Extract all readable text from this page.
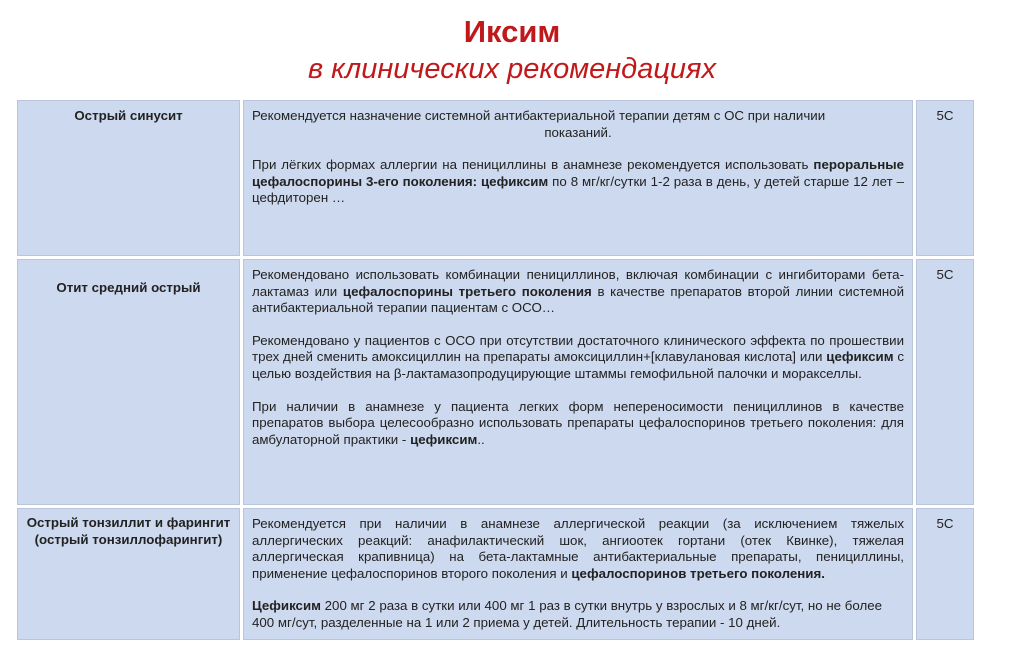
Иксим
в клинических рекомендациях
Острый синусит	Рекомендуется назначение системной антибактериальной терапии детям с ОС при наличии

показаний.
При лёгких формах аллергии на пенициллины в анамнезе рекомендуется использовать пероральные цефалоспорины 3-его поколения: цефиксим по 8 мг/кг/сутки 1-2 раза в день, у детей старше 12 лет – цефдиторен …	5C
Отит средний острый	Рекомендовано использовать комбинации пенициллинов, включая комбинации с ингибиторами бета-лактамаз или цефалоспорины третьего поколения в качестве препаратов второй линии системной антибактериальной терапии пациентам с ОСО…
Рекомендовано у пациентов с ОСО при отсутствии достаточного клинического эффекта по прошествии трех дней сменить амоксициллин на препараты амоксициллин+[клавулановая кислота] или цефиксим с целью воздействия на β-лактамазопродуцирующие штаммы гемофильной палочки и моракселлы.
При наличии в анамнезе у пациента легких форм непереносимости пенициллинов в качестве препаратов выбора целесообразно использовать препараты цефалоспоринов третьего поколения: для амбулаторной практики - цефиксим..	5C
Острый тонзиллит и фарингит (острый тонзиллофарингит)	Рекомендуется при наличии в анамнезе аллергической реакции (за исключением тяжелых аллергических реакций: анафилактический шок, ангиоотек гортани (отек Квинке), тяжелая аллергическая крапивница) на бета-лактамные антибактериальные препараты, пенициллины, применение цефалоспоринов второго поколения и цефалоспоринов третьего поколения.
Цефиксим 200 мг 2 раза в сутки или 400 мг 1 раз в сутки внутрь у взрослых и 8 мг/кг/сут, но не более 400 мг/сут, разделенные на 1 или 2 приема у детей. Длительность терапии - 10 дней.	5C
